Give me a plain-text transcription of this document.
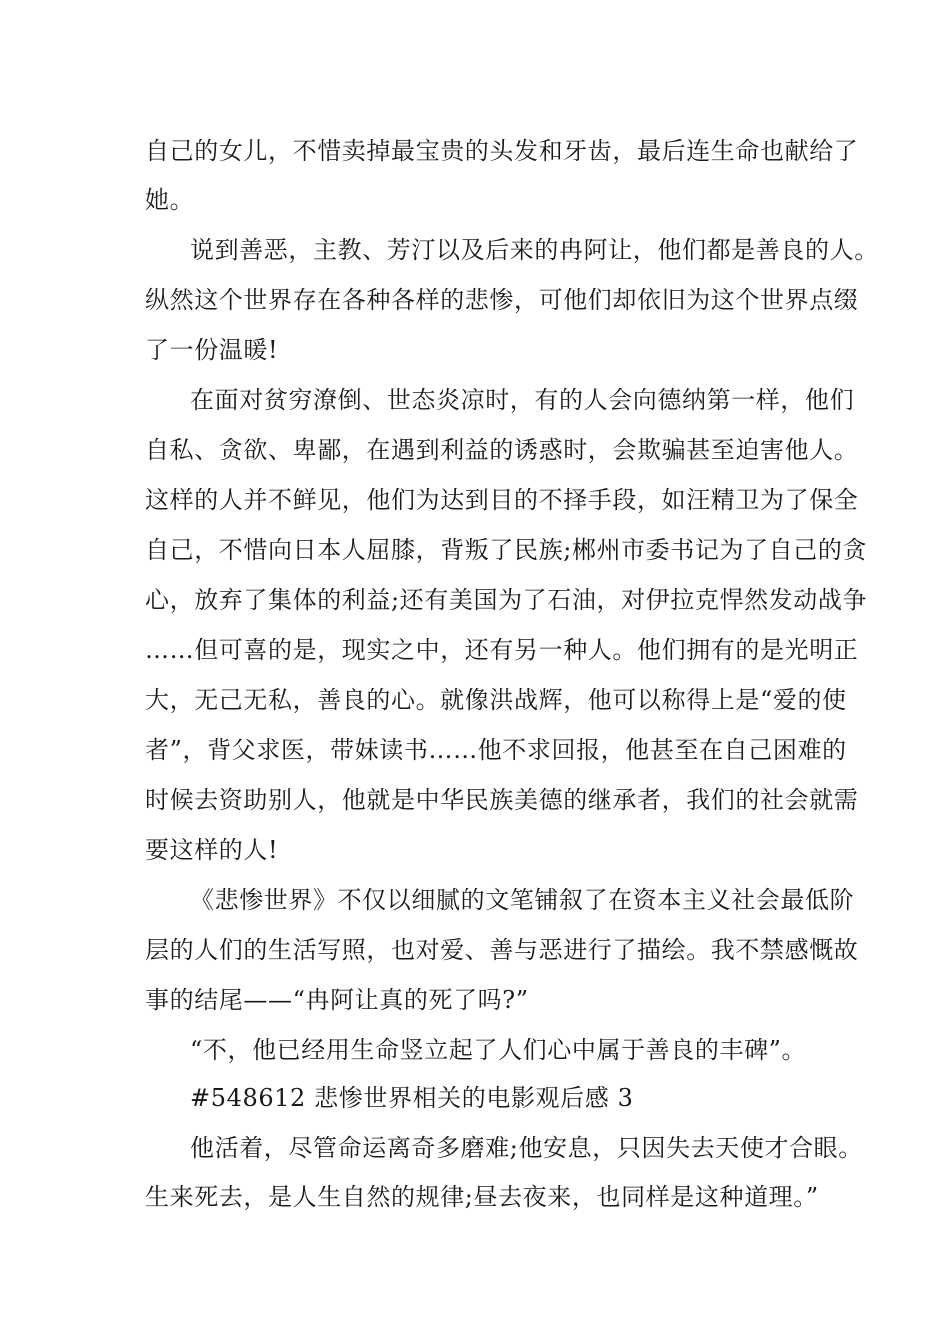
自己的女儿，不惜卖掉最宝贵的头发和牙齿，最后连生命也献给了
她。
说到善恶，主教、芳汀以及后来的冉阿让，他们都是善良的人。
纵然这个世界存在各种各样的悲惨，可他们却依旧为这个世界点缀
了一份温暖!
在面对贫穷潦倒、世态炎凉时，有的人会向德纳第一样，他们
自私、贪欲、卑鄙，在遇到利益的诱惑时，会欺骗甚至迫害他人。
这样的人并不鲜见，他们为达到目的不择手段，如汪精卫为了保全
自己，不惜向日本人屈膝，背叛了民族;郴州市委书记为了自己的贪
心，放弃了集体的利益;还有美国为了石油，对伊拉克悍然发动战争
……但可喜的是，现实之中，还有另一种人。他们拥有的是光明正
大，无己无私，善良的心。就像洪战辉，他可以称得上是“爱的使
者”，背父求医，带妹读书……他不求回报，他甚至在自己困难的
时候去资助别人，他就是中华民族美德的继承者，我们的社会就需
要这样的人!
《悲惨世界》不仅以细腻的文笔铺叙了在资本主义社会最低阶
层的人们的生活写照，也对爱、善与恶进行了描绘。我不禁感慨故
事的结尾——“冉阿让真的死了吗?”
“不，他已经用生命竖立起了人们心中属于善良的丰碑”。
#548612 悲惨世界相关的电影观后感 3
他活着，尽管命运离奇多磨难;他安息，只因失去天使才合眼。
生来死去，是人生自然的规律;昼去夜来，也同样是这种道理。”
